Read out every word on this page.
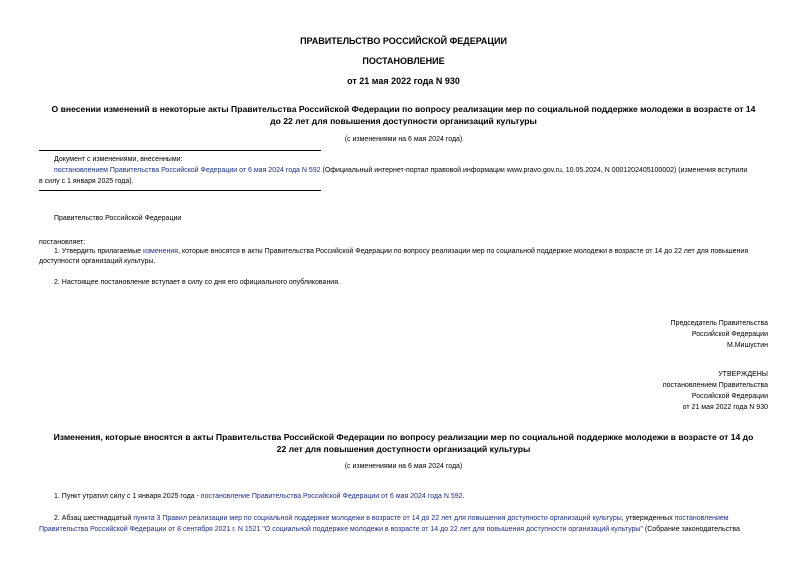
ПРАВИТЕЛЬСТВО РОССИЙСКОЙ ФЕДЕРАЦИИ
ПОСТАНОВЛЕНИЕ
от 21 мая 2022 года N 930
О внесении изменений в некоторые акты Правительства Российской Федерации по вопросу реализации мер по социальной поддержке молодежи в возрасте от 14
до 22 лет для повышения доступности организаций культуры
(с изменениями на 6 мая 2024 года)
Документ с изменениями, внесенными:
постановлением Правительства Российской Федерации от 6 мая 2024 года N 592 (Официальный интернет-портал правовой информации www.pravo.gov.ru, 10.05.2024, N 0001202405100002) (изменения вступили
в силу с 1 января 2025 года).
Правительство Российской Федерации
постановляет:
1. Утвердить прилагаемые изменения, которые вносятся в акты Правительства Российской Федерации по вопросу реализации мер по социальной поддержке молодежи в возрасте от 14 до 22 лет для повышения
доступности организаций культуры.
2. Настоящее постановление вступает в силу со дня его официального опубликования.
Председатель Правительства
Российской Федерации
М.Мишустин
УТВЕРЖДЕНЫ
постановлением Правительства
Российской Федерации
от 21 мая 2022 года N 930
Изменения, которые вносятся в акты Правительства Российской Федерации по вопросу реализации мер по социальной поддержке молодежи в возрасте от 14 до
22 лет для повышения доступности организаций культуры
(с изменениями на 6 мая 2024 года)
1. Пункт утратил силу с 1 января 2025 года - постановление Правительства Российской Федерации от 6 мая 2024 года N 592.
2. Абзац шестнадцатый пункта 3 Правил реализации мер по социальной поддержке молодежи в возрасте от 14 до 22 лет для повышения доступности организаций культуры, утвержденных постановлением
Правительства Российской Федерации от 8 сентября 2021 г. N 1521 "О социальной поддержке молодежи в возрасте от 14 до 22 лет для повышения доступности организаций культуры" (Собрание законодательства
